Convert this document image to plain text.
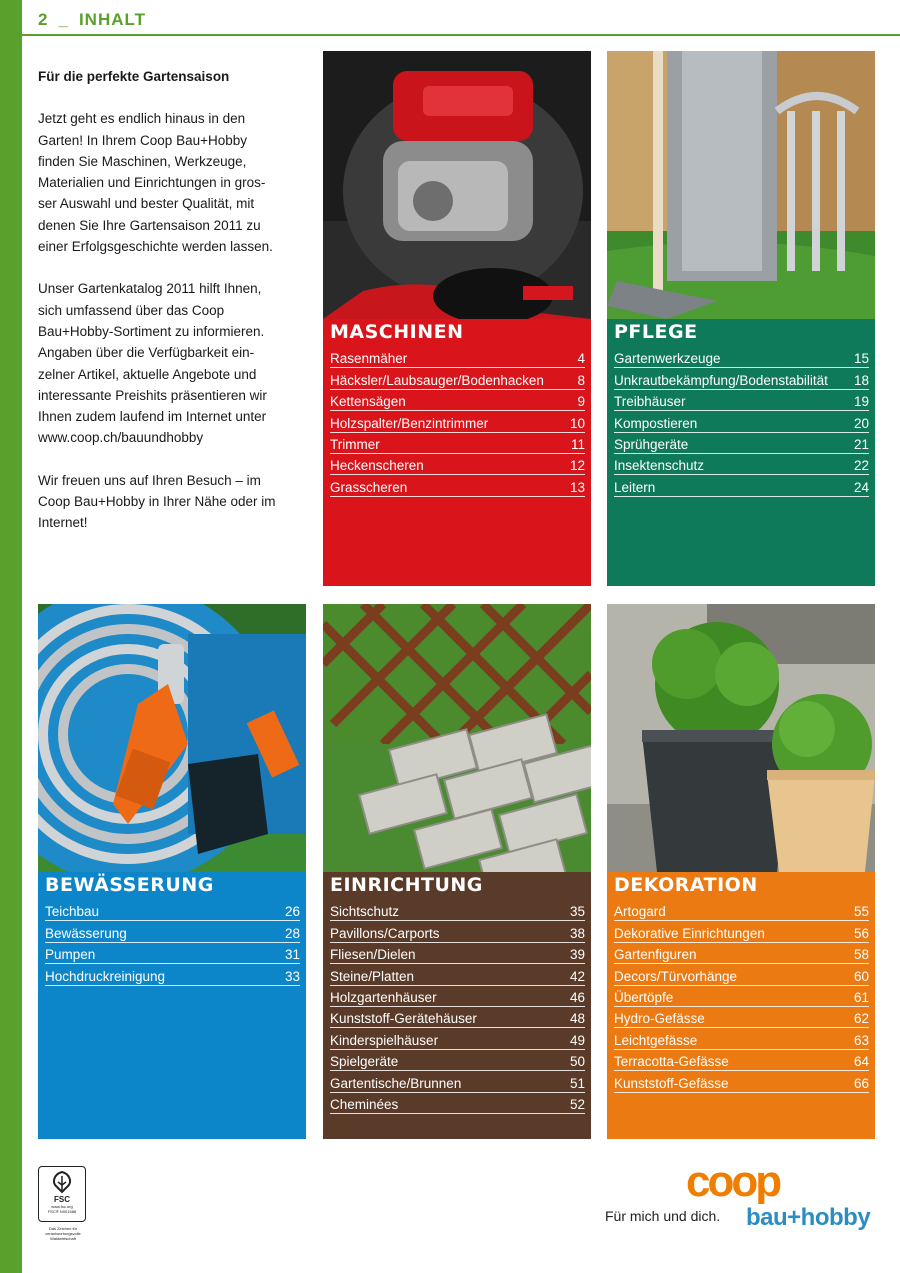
2 _ INHALT
Für die perfekte Gartensaison

Jetzt geht es endlich hinaus in den
Garten! In Ihrem Coop Bau+Hobby
finden Sie Maschinen, Werkzeuge,
Materialien und Einrichtungen in gros-
ser Auswahl und bester Qualität, mit
denen Sie Ihre Gartensaison 2011 zu
einer Erfolgsgeschichte werden lassen.

Unser Gartenkatalog 2011 hilft Ihnen,
sich umfassend über das Coop
Bau+Hobby-Sortiment zu informieren.
Angaben über die Verfügbarkeit ein-
zelner Artikel, aktuelle Angebote und
interessante Preishits präsentieren wir
Ihnen zudem laufend im Internet unter
www.coop.ch/bauundhobby

Wir freuen uns auf Ihren Besuch – im
Coop Bau+Hobby in Ihrer Nähe oder im
Internet!

MASCHINEN
Rasenmäher	4
Häcksler/Laubsauger/Bodenhacken 8
Kettensägen	9
Holzspalter/Benzintrimmer	10
Trimmer	11
Heckenscheren	12
Grasscheren	13
PFLEGE
Gartenwerkzeuge	15
Unkrautbekämpfung/Bodenstabilität 18
Treibhäuser	19
Kompostieren	20
Sprühgeräte	21
Insektenschutz	22
Leitern	24
BEWÄSSERUNG
Teichbau	26
Bewässerung	28
Pumpen	31
Hochdruckreinigung	33
EINRICHTUNG
Sichtschutz	35
Pavillons/Carports	38
Fliesen/Dielen	39
Steine/Platten	42
Holzgartenhäuser	46
Kunststoff-Gerätehäuser	48
Kinderspielhäuser	49
Spielgeräte	50
Gartentische/Brunnen	51
Cheminées	52
DEKORATION
Artogard	55
Dekorative Einrichtungen	56
Gartenfiguren	58
Decors/Türvorhänge	60
Übertöpfe	61
Hydro-Gefässe	62
Leichtgefässe	63
Terracotta-Gefässe	64
Kunststoff-Gefässe	66
FSC
www.fsc.org
FSC® N001588
Das Zeichen für verantwortungsvolle Waldwirtschaft
Für mich und dich.
coop
bau+hobby
